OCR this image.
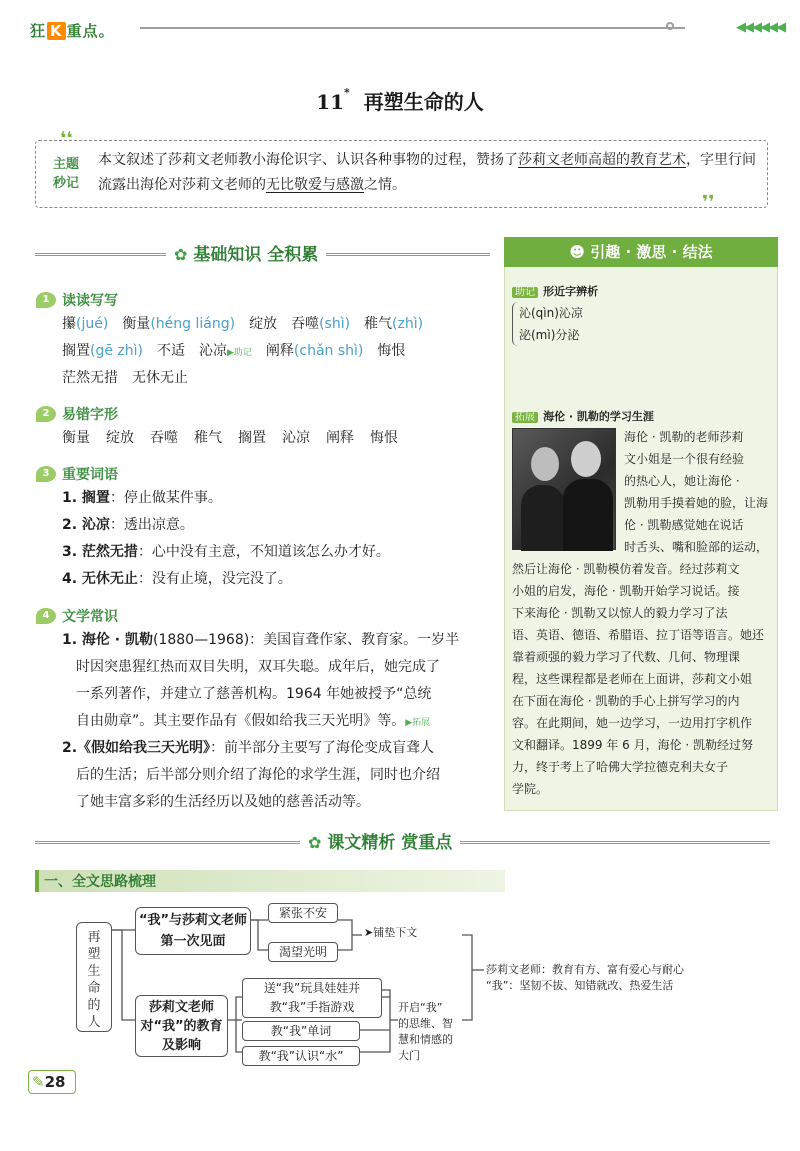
狂 K 重点。	◀◀◀◀◀◀
11* 再塑生命的人
❛❛
❜❜
主题
秒记
本文叙述了莎莉文老师教小海伦识字、认识各种事物的过程，赞扬了莎莉文老师高超的教育艺术，字里行间流露出海伦对莎莉文老师的无比敬爱与感激之情。
✿ 基础知识 全积累
1 读读写写
攥(jué) 衡量(héng liáng) 绽放 吞噬(shì) 稚气(zhì)
搁置(gē zhì) 不适 沁凉▶助记 阐释(chǎn shì) 悔恨
茫然无措 无休无止
2 易错字形
衡量 绽放 吞噬 稚气 搁置 沁凉 阐释 悔恨
3 重要词语
1. 搁置：停止做某件事。
2. 沁凉：透出凉意。
3. 茫然无措：心中没有主意，不知道该怎么办才好。
4. 无休无止：没有止境，没完没了。
4 文学常识
1. 海伦 · 凯勒(1880—1968)：美国盲聋作家、教育家。一岁半
时因突患猩红热而双目失明，双耳失聪。成年后，她完成了
一系列著作，并建立了慈善机构。1964 年她被授予“总统
自由勋章”。其主要作品有《假如给我三天光明》等。▶拓展
2.《假如给我三天光明》：前半部分主要写了海伦变成盲聋人
后的生活；后半部分则介绍了海伦的求学生涯，同时也介绍
了她丰富多彩的生活经历以及她的慈善活动等。
☻ 引趣 · 激思 · 结法
助记 形近字辨析
沁(qìn)沁凉
泌(mì)分泌
拓展 海伦 · 凯勒的学习生涯
海伦 · 凯勒的老师莎莉
文小姐是一个很有经验
的热心人，她让海伦 ·
凯勒用手摸着她的脸，让海
伦 · 凯勒感觉她在说话
时舌头、嘴和脸部的运动，
然后让海伦 · 凯勒模仿着发音。经过莎莉文
小姐的启发，海伦 · 凯勒开始学习说话。接
下来海伦 · 凯勒又以惊人的毅力学习了法
语、英语、德语、希腊语、拉丁语等语言。她还
靠着顽强的毅力学习了代数、几何、物理课
程，这些课程都是老师在上面讲，莎莉文小姐
在下面在海伦 · 凯勒的手心上拼写学习的内
容。在此期间，她一边学习，一边用打字机作
文和翻译。1899 年 6 月，海伦 · 凯勒经过努
力，终于考上了哈佛大学拉德克利夫女子
学院。
✿ 课文精析 赏重点
一、全文思路梳理
再
塑
生
命
的
人
“我”与莎莉文老师第一次见面
紧张不安
渴望光明
➤铺垫下文
莎莉文老师对“我”的教育及影响
送“我”玩具娃娃并教“我”手指游戏
教“我”单词
教“我”认识“水”
开启“我”
的思维、智
慧和情感的
大门
莎莉文老师：教育有方、富有爱心与耐心
“我”：坚韧不拔、知错就改、热爱生活
✎28
